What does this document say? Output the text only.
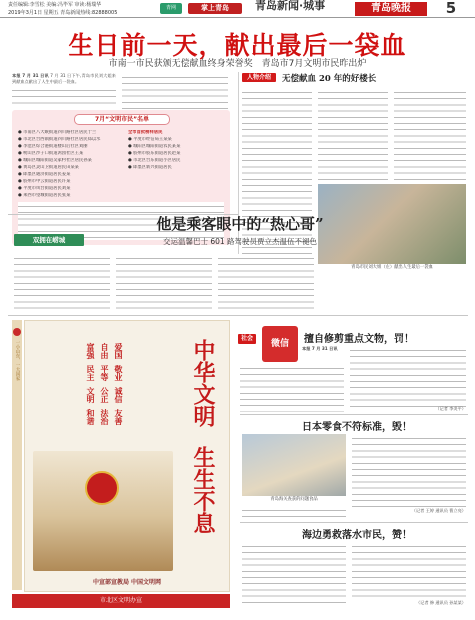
责任编辑:李雪松 美编:冯毕军 审读:杨瑞华
2019年3月1日 星期五 青岛新闻热线:82888005
青网	掌上青岛	青岛新闻·城事	青岛晚报	5
生日前一天，献出最后一袋血
市南一市民获颁无偿献血终身荣誉奖　青岛市7月文明市民昨出炉
本报 7 月 31 日讯 7 月 31 日下午,青岛市民刘大姐来到献血点献出了人生中最后一袋血。
7月“文明市民”名单
● 市南区八大峡街道四川路社区居民于兰
● 市北区台西镇街道四川路社区居民郑以水
● 李沧区综合港街道楼山后社区刘丽
● 崂山区沙子口街道鸿园社区王某
● 城阳区城阳街道吴家村社区居民孙某
● 黄岛区灵山卫街道居民田某某
● 即墨区通济街道居民姜某
● 胶州市中云街道居民许某
● 平度市凤台街道居民刘某
● 莱西市望城街道居民张某
全市首批榜样居民
● 平度市经信局王某某
● 城阳区城阳街道农民某某
● 胶州市胶东街道居民赵某
● 市北区台东街道小区居民
● 即墨区新兴街道居民
人物介绍	无偿献血 20 年的好楼长
青岛市民刘大姐（左）献出人生最后一袋血
双拥在崂城
他是乘客眼中的“热心哥”
交运温馨巴士 601 路驾驶员贾立杰温伍不褪色
一小山东，一大国家	富强
民主
文明
和谐
自由
平等
公正
法治
爱国
敬业
诚信
友善	中华文明
生生不息
中宣部宣教局 中国文明网
社会
微信	擅自修剪重点文物，罚！
本报 7 月 31 日讯
（记者 李炎平）
日本零食不符标准，毁！
青岛海关查获的问题食品
（记者 王婷 通讯员 曹立亮）
海边勇救落水市民，赞！
（记者 修 通讯员 孙某某）
市北区文明办宣
